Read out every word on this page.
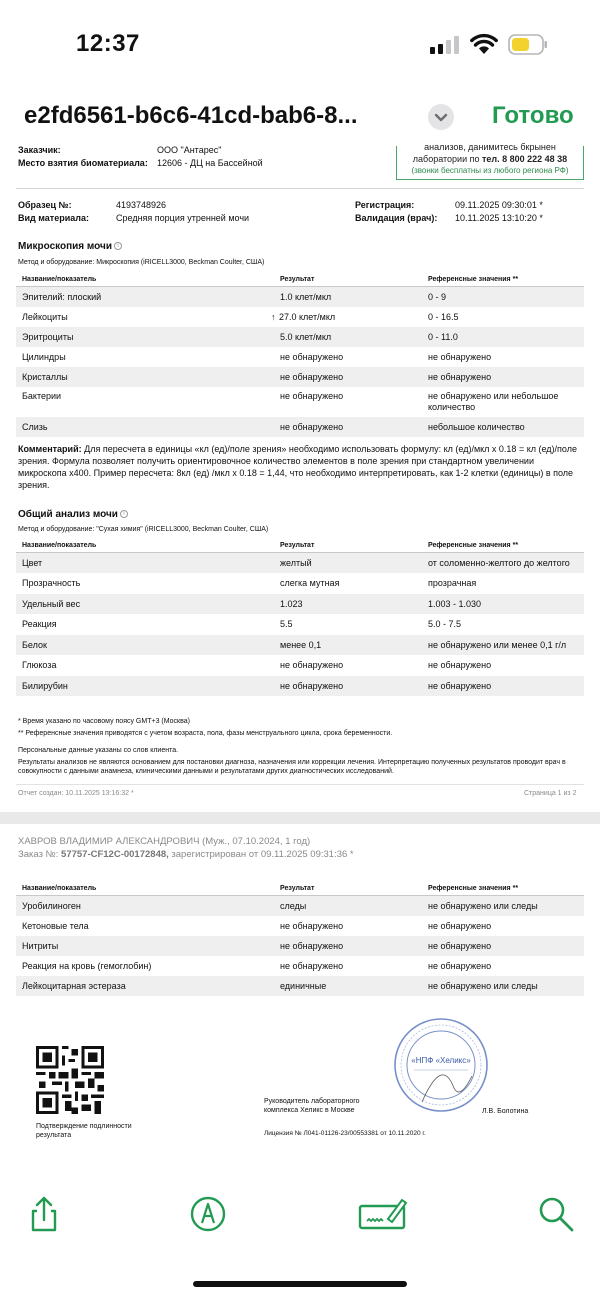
12:37
e2fd6561-b6c6-41cd-bab6-8...	Готово
Заказчик:	ООО "Антарес"
Место взятия биоматериала: 12606 - ДЦ на Бассейной
анализов, данимитесь бкрынен
лаборатории по тел. 8 800 222 48 38
(звонки бесплатны из любого региона РФ)
Образец №:	4193748926
Вид материала:	Средняя порция утренней мочи
Регистрация:	09.11.2025 09:30:01 *
Валидация (врач): 10.11.2025 13:10:20 *
Микроскопия мочи i
Метод и оборудование: Микроскопия (iRICELL3000, Beckman Coulter, США)
Название/показатель	Результат	Референсные значения **
Эпителий: плоский	1.0 клет/мкл	0 - 9
Лейкоциты	↑ 27.0 клет/мкл	0 - 16.5
Эритроциты	5.0 клет/мкл	0 - 11.0
Цилиндры	не обнаружено	не обнаружено
Кристаллы	не обнаружено	не обнаружено
Бактерии	не обнаружено	не обнаружено или небольшое количество
Слизь	не обнаружено	небольшое количество
Комментарий: Для пересчета в единицы «кл (ед)/поле зрения» необходимо использовать формулу: кл (ед)/мкл х 0.18 = кл (ед)/поле зрения. Формула позволяет получить ориентировочное количество элементов в поле зрения при стандартном увеличении микроскопа х400. Пример пересчета: 8кл (ед) /мкл х 0.18 = 1,44, что необходимо интерпретировать, как 1-2 клетки (единицы) в поле зрения.
Общий анализ мочи i
Метод и оборудование: "Сухая химия" (iRICELL3000, Beckman Coulter, США)
Название/показатель	Результат	Референсные значения **
Цвет	желтый	от соломенно-желтого до желтого
Прозрачность	слегка мутная	прозрачная
Удельный вес	1.023	1.003 - 1.030
Реакция	5.5	5.0 - 7.5
Белок	менее 0,1	не обнаружено или менее 0,1 г/л
Глюкоза	не обнаружено	не обнаружено
Билирубин	не обнаружено	не обнаружено
* Время указано по часовому поясу GMT+3 (Москва)
** Референсные значения приводятся с учетом возраста, пола, фазы менструального цикла, срока беременности.
Персональные данные указаны со слов клиента.
Результаты анализов не являются основанием для постановки диагноза, назначения или коррекции лечения. Интерпретацию полученных результатов проводит врач в совокупности с данными анамнеза, клиническими данными и результатами других диагностических исследований.
Отчет создан: 10.11.2025 13:16:32 *	Страница 1 из 2
ХАВРОВ ВЛАДИМИР АЛЕКСАНДРОВИЧ (Муж., 07.10.2024, 1 год)
Заказ №: 57757-CF12C-00172848, зарегистрирован от 09.11.2025 09:31:36 *
Название/показатель	Результат	Референсные значения **
Уробилиноген	следы	не обнаружено или следы
Кетоновые тела	не обнаружено	не обнаружено
Нитриты	не обнаружено	не обнаружено
Реакция на кровь (гемоглобин)	не обнаружено	не обнаружено
Лейкоцитарная эстераза	единичные	не обнаружено или следы
Подтверждение подлинности результата
Руководитель лабораторного комплекса Хеликс в Москве
«НПФ «Хеликс»
Л.В. Болотина
Лицензия № Л041-01126-23/00553381 от 10.11.2020 г.
